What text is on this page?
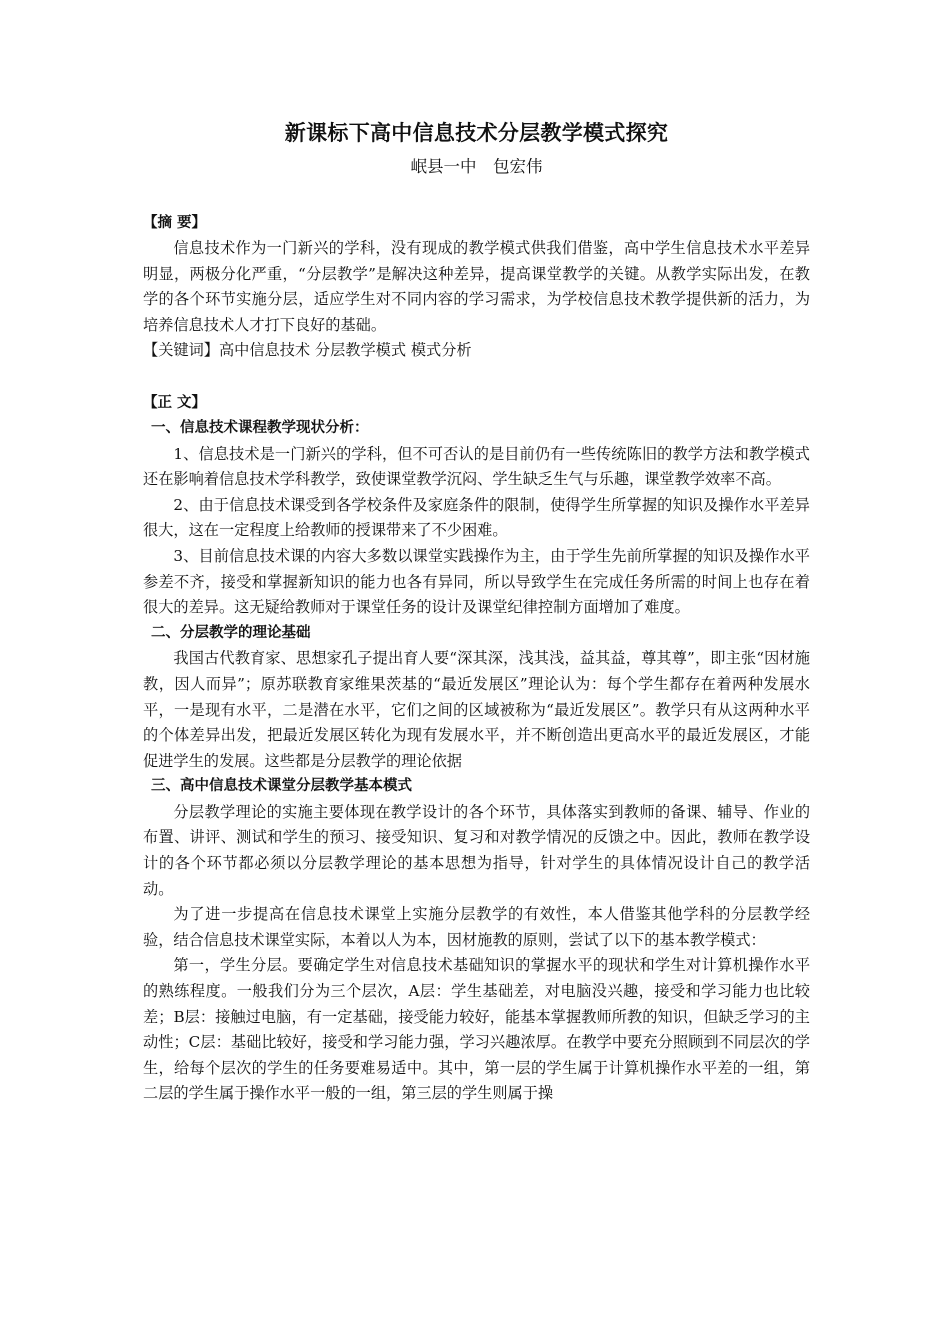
新课标下高中信息技术分层教学模式探究

岷县一中　包宏伟

【摘 要】

信息技术作为一门新兴的学科，没有现成的教学模式供我们借鉴，高中学生信息技术水平差异明显，两极分化严重，“分层教学”是解决这种差异，提高课堂教学的关键。从教学实际出发，在教学的各个环节实施分层，适应学生对不同内容的学习需求，为学校信息技术教学提供新的活力，为培养信息技术人才打下良好的基础。

【关键词】高中信息技术 分层教学模式 模式分析

【正 文】

一、信息技术课程教学现状分析：

1、信息技术是一门新兴的学科，但不可否认的是目前仍有一些传统陈旧的教学方法和教学模式还在影响着信息技术学科教学，致使课堂教学沉闷、学生缺乏生气与乐趣，课堂教学效率不高。

2、由于信息技术课受到各学校条件及家庭条件的限制，使得学生所掌握的知识及操作水平差异很大，这在一定程度上给教师的授课带来了不少困难。

3、目前信息技术课的内容大多数以课堂实践操作为主，由于学生先前所掌握的知识及操作水平参差不齐，接受和掌握新知识的能力也各有异同，所以导致学生在完成任务所需的时间上也存在着很大的差异。这无疑给教师对于课堂任务的设计及课堂纪律控制方面增加了难度。

二、分层教学的理论基础

我国古代教育家、思想家孔子提出育人要“深其深，浅其浅，益其益，尊其尊”，即主张“因材施教，因人而异”；原苏联教育家维果茨基的“最近发展区”理论认为：每个学生都存在着两种发展水平，一是现有水平，二是潜在水平，它们之间的区域被称为“最近发展区”。教学只有从这两种水平的个体差异出发，把最近发展区转化为现有发展水平，并不断创造出更高水平的最近发展区，才能促进学生的发展。这些都是分层教学的理论依据

三、高中信息技术课堂分层教学基本模式

分层教学理论的实施主要体现在教学设计的各个环节，具体落实到教师的备课、辅导、作业的布置、讲评、测试和学生的预习、接受知识、复习和对教学情况的反馈之中。因此，教师在教学设计的各个环节都必须以分层教学理论的基本思想为指导，针对学生的具体情况设计自己的教学活动。

为了进一步提高在信息技术课堂上实施分层教学的有效性，本人借鉴其他学科的分层教学经验，结合信息技术课堂实际，本着以人为本，因材施教的原则，尝试了以下的基本教学模式：

第一，学生分层。要确定学生对信息技术基础知识的掌握水平的现状和学生对计算机操作水平的熟练程度。一般我们分为三个层次，A层：学生基础差，对电脑没兴趣，接受和学习能力也比较差；B层：接触过电脑，有一定基础，接受能力较好，能基本掌握教师所教的知识，但缺乏学习的主动性；C层：基础比较好，接受和学习能力强，学习兴趣浓厚。在教学中要充分照顾到不同层次的学生，给每个层次的学生的任务要难易适中。其中，第一层的学生属于计算机操作水平差的一组，第二层的学生属于操作水平一般的一组，第三层的学生则属于操
